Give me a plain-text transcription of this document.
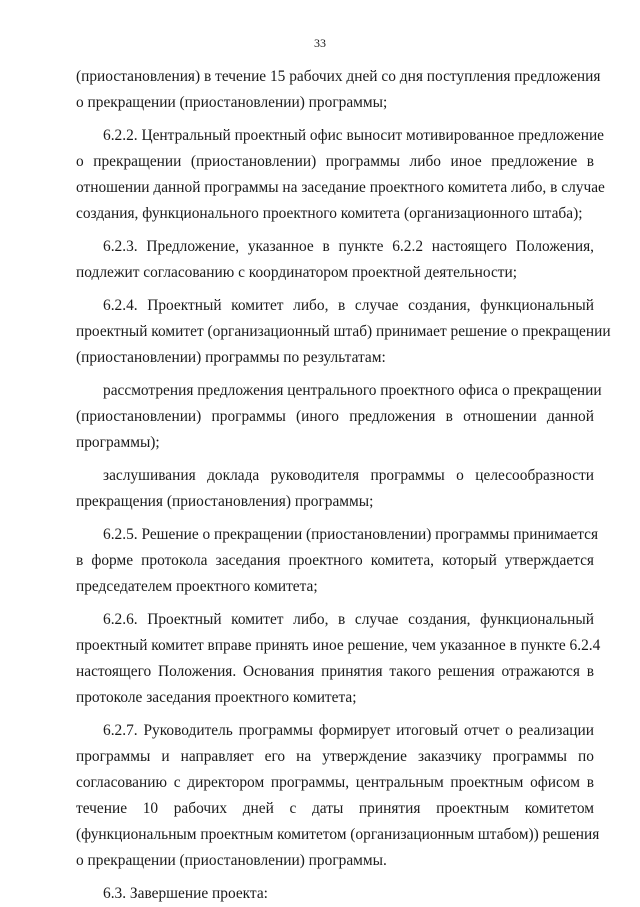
33

(приостановления) в течение 15 рабочих дней со дня поступления предложения
о прекращении (приостановлении) программы;

6.2.2. Центральный проектный офис выносит мотивированное предложение
о прекращении (приостановлении) программы либо иное предложение в
отношении данной программы на заседание проектного комитета либо, в случае
создания, функционального проектного комитета (организационного штаба);

6.2.3. Предложение, указанное в пункте 6.2.2 настоящего Положения,
подлежит согласованию с координатором проектной деятельности;

6.2.4. Проектный комитет либо, в случае создания, функциональный
проектный комитет (организационный штаб) принимает решение о прекращении
(приостановлении) программы по результатам:

рассмотрения предложения центрального проектного офиса о прекращении
(приостановлении) программы (иного предложения в отношении данной
программы);

заслушивания доклада руководителя программы о целесообразности
прекращения (приостановления) программы;

6.2.5. Решение о прекращении (приостановлении) программы принимается
в форме протокола заседания проектного комитета, который утверждается
председателем проектного комитета;

6.2.6. Проектный комитет либо, в случае создания, функциональный
проектный комитет вправе принять иное решение, чем указанное в пункте 6.2.4
настоящего Положения. Основания принятия такого решения отражаются в
протоколе заседания проектного комитета;

6.2.7. Руководитель программы формирует итоговый отчет о реализации
программы и направляет его на утверждение заказчику программы по
согласованию с директором программы, центральным проектным офисом в
течение 10 рабочих дней с даты принятия проектным комитетом
(функциональным проектным комитетом (организационным штабом)) решения
о прекращении (приостановлении) программы.

6.3. Завершение проекта:
